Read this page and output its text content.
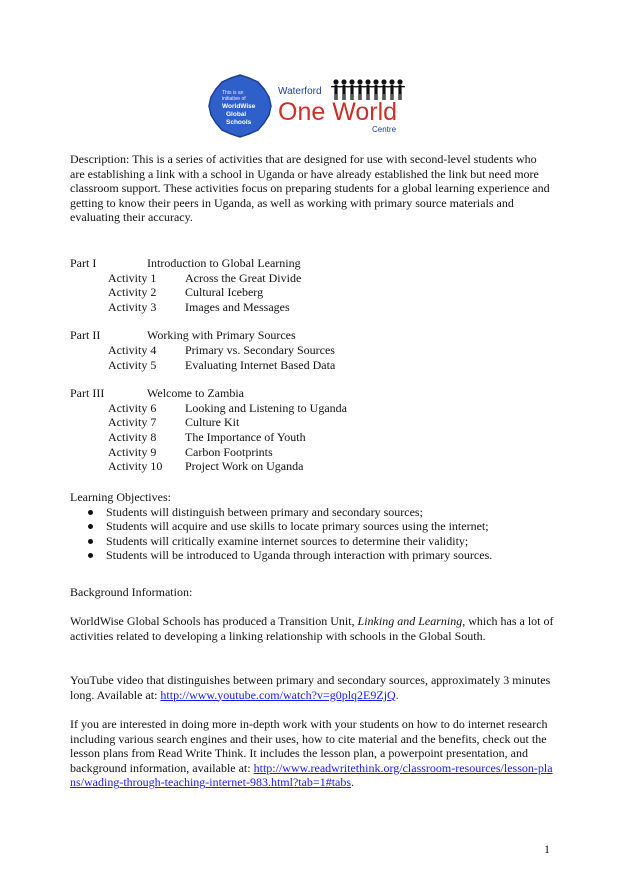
This is an
initiative of
WorldWise
Global
Schools
Waterford
One World
Centre

Description: This is a series of activities that are designed for use with second-level students who are establishing a link with a school in Uganda or have already established the link but need more classroom support. These activities focus on preparing students for a global learning experience and getting to know their peers in Uganda, as well as working with primary source materials and evaluating their accuracy.

Part I	Introduction to Global Learning
Activity 1 Across the Great Divide
Activity 2 Cultural Iceberg
Activity 3 Images and Messages
Part II	Working with Primary Sources
Activity 4 Primary vs. Secondary Sources
Activity 5 Evaluating Internet Based Data
Part III	Welcome to Zambia
Activity 6 Looking and Listening to Uganda
Activity 7 Culture Kit
Activity 8 The Importance of Youth
Activity 9 Carbon Footprints
Activity 10 Project Work on Uganda
Learning Objectives:
Students will distinguish between primary and secondary sources;
Students will acquire and use skills to locate primary sources using the internet;
Students will critically examine internet sources to determine their validity;
Students will be introduced to Uganda through interaction with primary sources.
Background Information:
WorldWise Global Schools has produced a Transition Unit, Linking and Learning, which has a lot of activities related to developing a linking relationship with schools in the Global South.
YouTube video that distinguishes between primary and secondary sources, approximately 3 minutes long. Available at: http://www.youtube.com/watch?v=g0plq2E9ZjQ.
If you are interested in doing more in-depth work with your students on how to do internet research including various search engines and their uses, how to cite material and the benefits, check out the lesson plans from Read Write Think. It includes the lesson plan, a powerpoint presentation, and background information, available at: http://www.readwritethink.org/classroom-resources/lesson-plans/wading-through-teaching-internet-983.html?tab=1#tabs.
1
